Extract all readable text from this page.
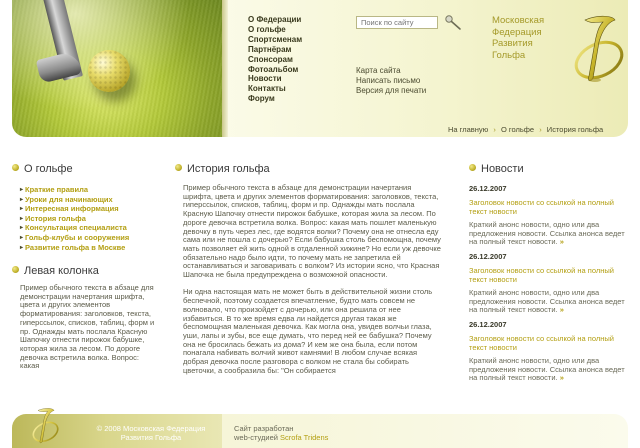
О Федерации
О гольфе
Спортсменам
Партнёрам
Спонсорам
Фотоальбом
Новости
Контакты
Форум
Поиск по сайту
Карта сайта
Написать письмо
Версия для печати
Московская
Федерация
Развития
Гольфа
На главную › О гольфе › История гольфа
О гольфе
▸ Краткие правила
▸ Уроки для начинающих
▸ Интересная информация
▸ История гольфа
▸ Консультация специалиста
▸ Гольф-клубы и сооружения
▸ Развитие гольфа в Москве
Левая колонка
Пример обычного текста в абзаце для демонстрации начертания шрифта, цвета и других элементов форматирования: заголовков, текста, гиперссылок, списков, таблиц, форм и пр. Однажды мать послала Красную Шапочку отнести пирожок бабушке, которая жила за лесом. По дороге девочка встретила волка. Вопрос: какая
История гольфа

Пример обычного текста в абзаце для демонстрации начертания шрифта, цвета и других элементов форматирования: заголовков, текста, гиперссылок, списков, таблиц, форм и пр. Однажды мать послала Красную Шапочку отнести пирожок бабушке, которая жила за лесом. По дороге девочка встретила волка. Вопрос: какая мать пошлет маленькую девочку в путь через лес, где водятся волки? Почему она не отнесла еду сама или не пошла с дочерью? Если бабушка столь беспомощна, почему мать позволяет ей жить одной в отдаленной хижине? Но если уж девочке обязательно надо было идти, то почему мать не запретила ей останавливаться и заговаривать с волком? Из истории ясно, что Красная Шапочка не была предупреждена о возможной опасности.

Ни одна настоящая мать не может быть в действительной жизни столь беспечной, поэтому создается впечатление, будто мать совсем не волновало, что произойдет с дочерью, или она решила от нее избавиться. В то же время едва ли найдется другая такая же беспомощная маленькая девочка. Как могла она, увидев волчьи глаза, уши, лапы и зубы, все еще думать, что перед ней ее бабушка? Почему она не бросилась бежать из дома? И кем же она была, если потом понагала набивать волчий живот камнями! В любом случае всякая добрая девочка после разговора с волком не стала бы собирать цветочки, а сообразила бы: "Он собирается

Новости
26.12.2007
Заголовок новости со ссылкой на полный текст новости
Краткий анонс новости, одно или два предложения новости. Ссылка анонса ведет на полный текст новости. »
26.12.2007
Заголовок новости со ссылкой на полный текст новости
Краткий анонс новости, одно или два предложения новости. Ссылка анонса ведет на полный текст новости. »
26.12.2007
Заголовок новости со ссылкой на полный текст новости
Краткий анонс новости, одно или два предложения новости. Ссылка анонса ведет на полный текст новости. »
© 2008 Московская Федерация
Развития Гольфа
Сайт разработан
web-студией Scrofa Tridens
